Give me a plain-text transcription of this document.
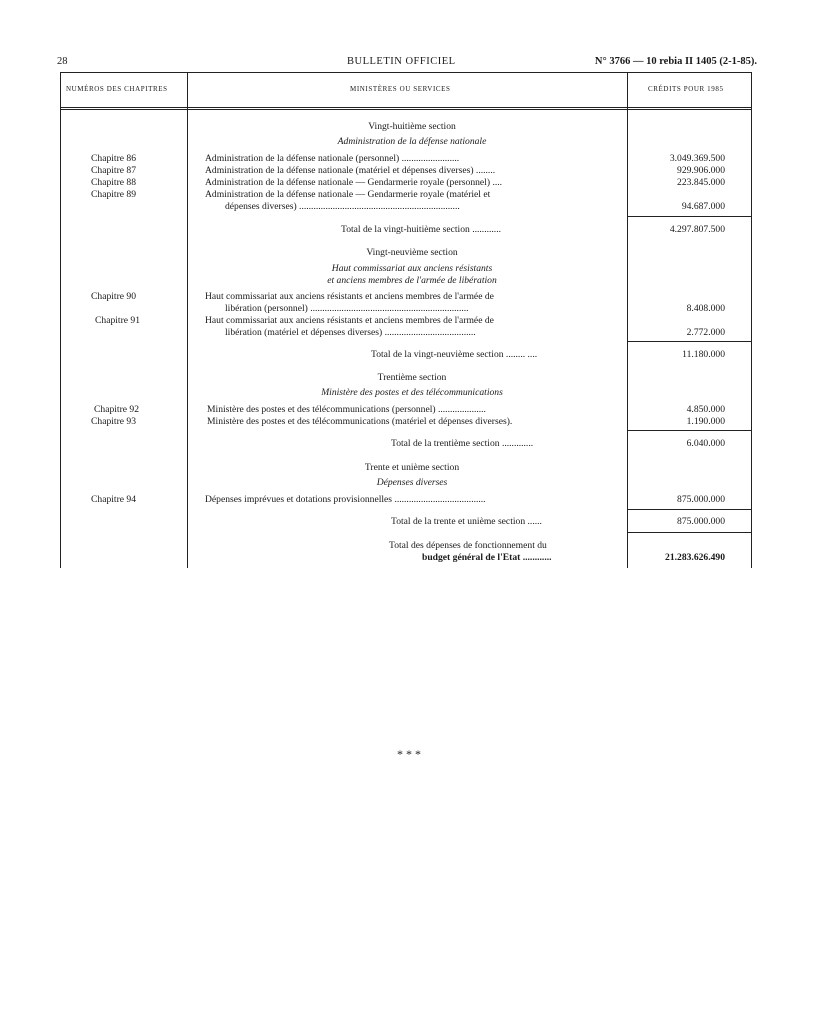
28	BULLETIN OFFICIEL	N° 3766 — 10 rebia II 1405 (2-1-85).
NUMÉROS DES CHAPITRES	MINISTÈRES OU SERVICES	CRÉDITS POUR 1985
Vingt-huitième section
Administration de la défense nationale
Chapitre 86	Administration de la défense nationale (personnel) ........................	3.049.369.500
Chapitre 87	Administration de la défense nationale (matériel et dépenses diverses) ........	929.906.000
Chapitre 88	Administration de la défense nationale — Gendarmerie royale (personnel) ....	223.845.000
Chapitre 89	Administration de la défense nationale — Gendarmerie royale (matériel et
dépenses diverses) ...................................................................	94.687.000
Total de la vingt-huitième section ............	4.297.807.500
Vingt-neuvième section
Haut commissariat aux anciens résistants
et anciens membres de l'armée de libération
Chapitre 90	Haut commissariat aux anciens résistants et anciens membres de l'armée de
libération (personnel) ..................................................................	8.408.000
Chapitre 91	Haut commissariat aux anciens résistants et anciens membres de l'armée de
libération (matériel et dépenses diverses) ......................................	2.772.000
Total de la vingt-neuvième section ........ ....	11.180.000
Trentième section
Ministère des postes et des télécommunications
Chapitre 92	Ministère des postes et des télécommunications (personnel) ....................	4.850.000
Chapitre 93	Ministère des postes et des télécommunications (matériel et dépenses diverses).	1.190.000
Total de la trentième section .............	6.040.000
Trente et unième section
Dépenses diverses
Chapitre 94	Dépenses imprévues et dotations provisionnelles ......................................	875.000.000
Total de la trente et unième section ......	875.000.000
Total des dépenses de fonctionnement du
budget général de l'Etat ............	21.283.626.490
* * *
